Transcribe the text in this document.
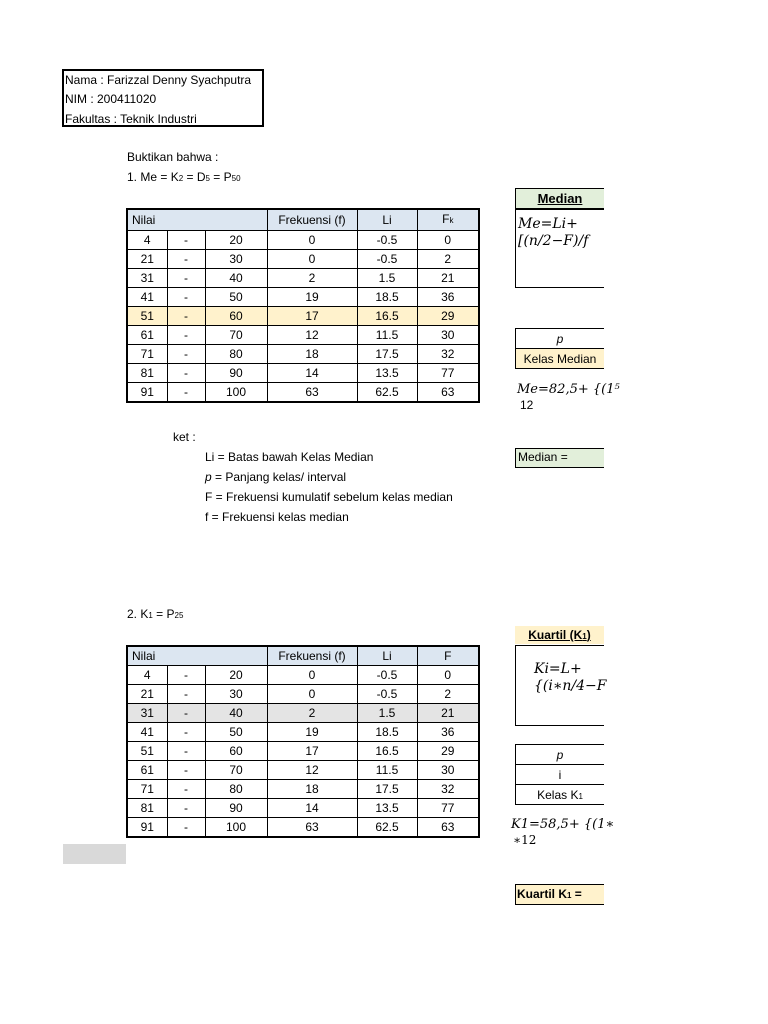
Nama : Farizzal Denny Syachputra
NIM : 200411020
Fakultas : Teknik Industri
Buktikan bahwa :
1. Me = K2 = D5 = P50
Nilai			Frekuensi (f)	Li	Fk
4	-	20	0	-0.5	0
21	-	30	0	-0.5	2
31	-	40	2	1.5	21
41	-	50	19	18.5	36
51	-	60	17	16.5	29
61	-	70	12	11.5	30
71	-	80	18	17.5	32
81	-	90	14	13.5	77
91	-	100	63	62.5	63
Median
Me=Li+
[(n/2−F)/f
p
Kelas Median
Me=82,5+ {(1⁵
12
Median =
ket :
Li = Batas bawah Kelas Median
p = Panjang kelas/ interval
F = Frekuensi kumulatif sebelum kelas median
f = Frekuensi kelas median
2. K1 = P25
Nilai			Frekuensi (f)	Li	F
4	-	20	0	-0.5	0
21	-	30	0	-0.5	2
31	-	40	2	1.5	21
41	-	50	19	18.5	36
51	-	60	17	16.5	29
61	-	70	12	11.5	30
71	-	80	18	17.5	32
81	-	90	14	13.5	77
91	-	100	63	62.5	63
Kuartil (K1)
Ki=L+
{(i∗n/4−F
p
i
Kelas K1
K1=58,5+ {(1∗
∗12
Kuartil K1 =
